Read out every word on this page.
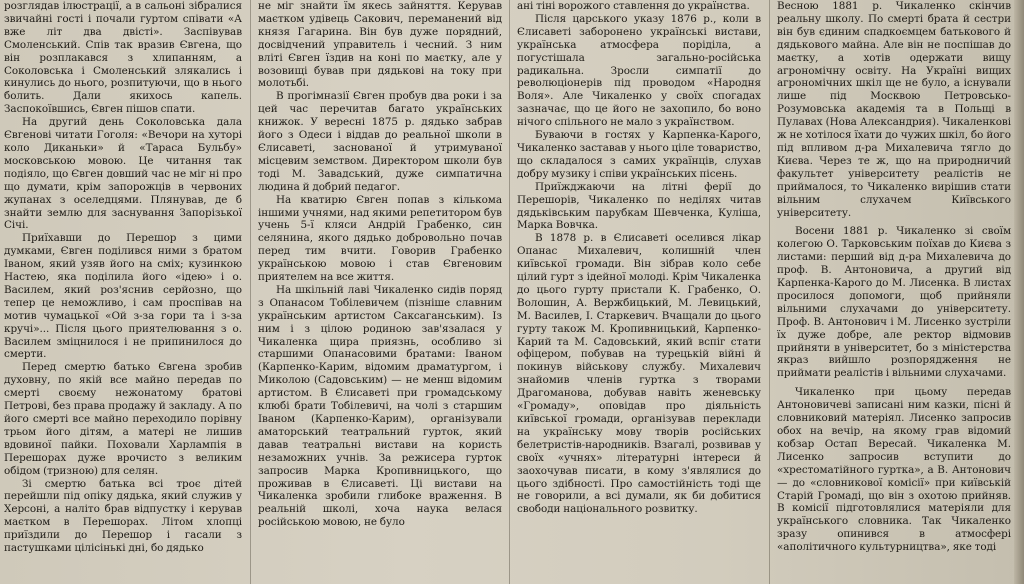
розглядав ілюстрації, а в сальоні зібралися звичайні гості і почали гуртом співати «А вже літ два двісті». Заспівував Смоленський. Спів так вразив Євгена, що він розплакався з хлипанням, а Соколовська і Смоленський злякались і кинулись до нього, розпитуючи, що в нього болить. Дали якихось капель. Заспокоївшись, Євген пішов спати.

На другий день Соколовська дала Євгенові читати Гоголя: «Вечори на хуторі коло Диканьки» й «Тараса Бульбу» московською мовою. Це читання так подіяло, що Євген довший час не міг ні про що думати, крім запорожців в червоних жупанах з оселедцями. Плянував, де б знайти землю для заснування Запорізької Січі.

Приїхавши до Перешор з цими думками, Євген поділився ними з братом Іваном, який узяв його на сміх; кузинкою Настею, яка поділила його «ідею» і о. Василем, який роз'яснив серйозно, що тепер це неможливо, і сам проспівав на мотив чумацької «Ой з-за гори та і з-за кручі»... Після цього приятелювання з о. Василем зміцнилося і не припинилося до смерти.

Перед смертю батько Євгена зробив духовну, по якій все майно передав по смерті своєму нежонатому братові Петрові, без права продажу й закладу. А по його смерті все майно переходило порівну трьом його дітям, а матері не лишив вдовиної пайки. Поховали Харлампія в Перешорах дуже врочисто з великим обідом (тризною) для селян.

Зі смертю батька всі троє дітей перейшли під опіку дядька, який служив у Херсоні, а наліто брав відпустку і керував маєтком в Перешорах. Літом хлопці приїздили до Перешор і гасали з пастушками цілісінькі дні, бо дядько

не міг знайти їм якесь зайняття. Керував маєтком удівець Сакович, переманений від князя Гагарина. Він був дуже порядний, досвідчений управитель і чесний. З ним вліті Євген їздив на коні по маєтку, але у возовищі бував при дядькові на току при молотьбі.

В прогімназії Євген пробув два роки і за цей час перечитав багато українських книжок. У вересні 1875 р. дядько забрав його з Одеси і віддав до реальної школи в Єлисаветі, заснованої й утримуваної місцевим земством. Директором школи був тоді М. Завадський, дуже симпатична людина й добрий педагог.

На кватирю Євген попав з кількома іншими учнями, над якими репетитором був учень 5-ї кляси Андрій Грабенко, син селянина, якого дядько добровольно почав перед тим вчити. Говорив Грабенко українською мовою і став Євгеновим приятелем на все життя.

На шкільній лаві Чикаленко сидів поряд з Опанасом Тобілевичем (пізніше славним українським артистом Саксаганським). Із ним і з цілою родиною зав'язалася у Чикаленка щира приязнь, особливо зі старшими Опанасовими братами: Іваном (Карпенко-Карим, відомим драматургом, і Миколою (Садовським) — не менш відомим артистом. В Єлисаветі при громадському клюбі брати Тобілевичі, на чолі з старшим Іваном (Карпенко-Карим), організували аматорський театральний гурток, який давав театральні вистави на користь незаможних учнів. За режисера гурток запросив Марка Кропивницького, що проживав в Єлисаветі. Ці вистави на Чикаленка зробили глибоке враження. В реальній школі, хоча наука велася російською мовою, не було

ані тіні ворожого ставлення до українства.

Після царського указу 1876 р., коли в Єлисаветі заборонено українські вистави, українська атмосфера поріділа, а погустішала загально-російська радикальна. Зросли симпатії до революціонерів під проводом «Народня Воля». Але Чикаленко у своїх спогадах зазначає, що це його не захопило, бо воно нічого спільного не мало з українством.

Буваючи в гостях у Карпенка-Карого, Чикаленко заставав у нього цілe товариство, що складалося з самих українців, слухав добру музику і співи українських пісень.

Приїжджаючи на літні ферії до Перешорів, Чикаленко по неділях читав дядьківським парубкам Шевченка, Куліша, Марка Вовчка.

В 1878 р. в Єлисаветі оселився лікар Опанас Михалевич, колишній член київської громади. Він зібрав коло себе цілий гурт з ідейної молоді. Крім Чикаленка до цього гурту пристали К. Грабенко, О. Волошин, А. Вержбицький, М. Левицький, М. Василев, І. Старкевич. Вчащали до цього гурту також М. Кропивницький, Карпенко-Карий та М. Садовський, який вспіг стати офіцером, побував на турецькій війні й покинув військову службу. Михалевич знайомив членів гуртка з творами Драгоманова, добував навіть женевську «Громаду», оповідав про діяльність київської громади, організував переклади на українську мову творів російських белетристів-народників. Взагалі, розвивав у своїх «учнях» літературні інтереси й заохочував писати, в кому з'являлися до цього здібності. Про самостійність тоді ще не говорили, а всі думали, як би добитися свободи національного розвитку.

Весною 1881 р. Чикаленко скінчив реальну школу. По смерті брата й сестри він був єдиним спадкоємцем батькового й дядькового майна. Але він не поспішав до маєтку, а хотів одержати вищу агрономічну освіту. На Україні вищих агрономічних шкіл ще не було, а існували лише під Москвою Петровсько-Розумовська академія та в Польщі в Пулавах (Нова Александрия). Чикаленкові ж не хотілося їхати до чужих шкіл, бо його під впливом д-ра Михалевича тягло до Києва. Через те ж, що на природничий факультет університету реалістів не приймалося, то Чикаленко вирішив стати вільним слухачем Київського університету.

Восени 1881 р. Чикаленко зі своїм колегою О. Тарковським поїхав до Києва з листами: перший від д-ра Михалевича до проф. В. Антоновича, а другий від Карпенка-Карого до М. Лисенка. В листах просилося допомоги, щоб прийняли вільними слухачами до університету. Проф. В. Антонович і М. Лисенко зустріли їх дуже добре, але ректор відмовив прийняти в університет, бо з міністерства якраз вийшло розпорядження не приймати реалістів і вільними слухачами.

Чикаленко при цьому передав Антоновичеві записані ним казки, пісні й словниковий матеріял. Лисенко запросив обох на вечір, на якому грав відомий кобзар Остап Вересай. Чикаленка М. Лисенко запросив вступити до «хрестоматійного гуртка», а В. Антонович — до «словникової комісії» при київській Старій Громаді, що він з охотою прийняв. В комісії підготовлялися матеріяли для українського словника. Так Чикаленко зразу опинився в атмосфері «аполітичного культурництва», яке тоді
